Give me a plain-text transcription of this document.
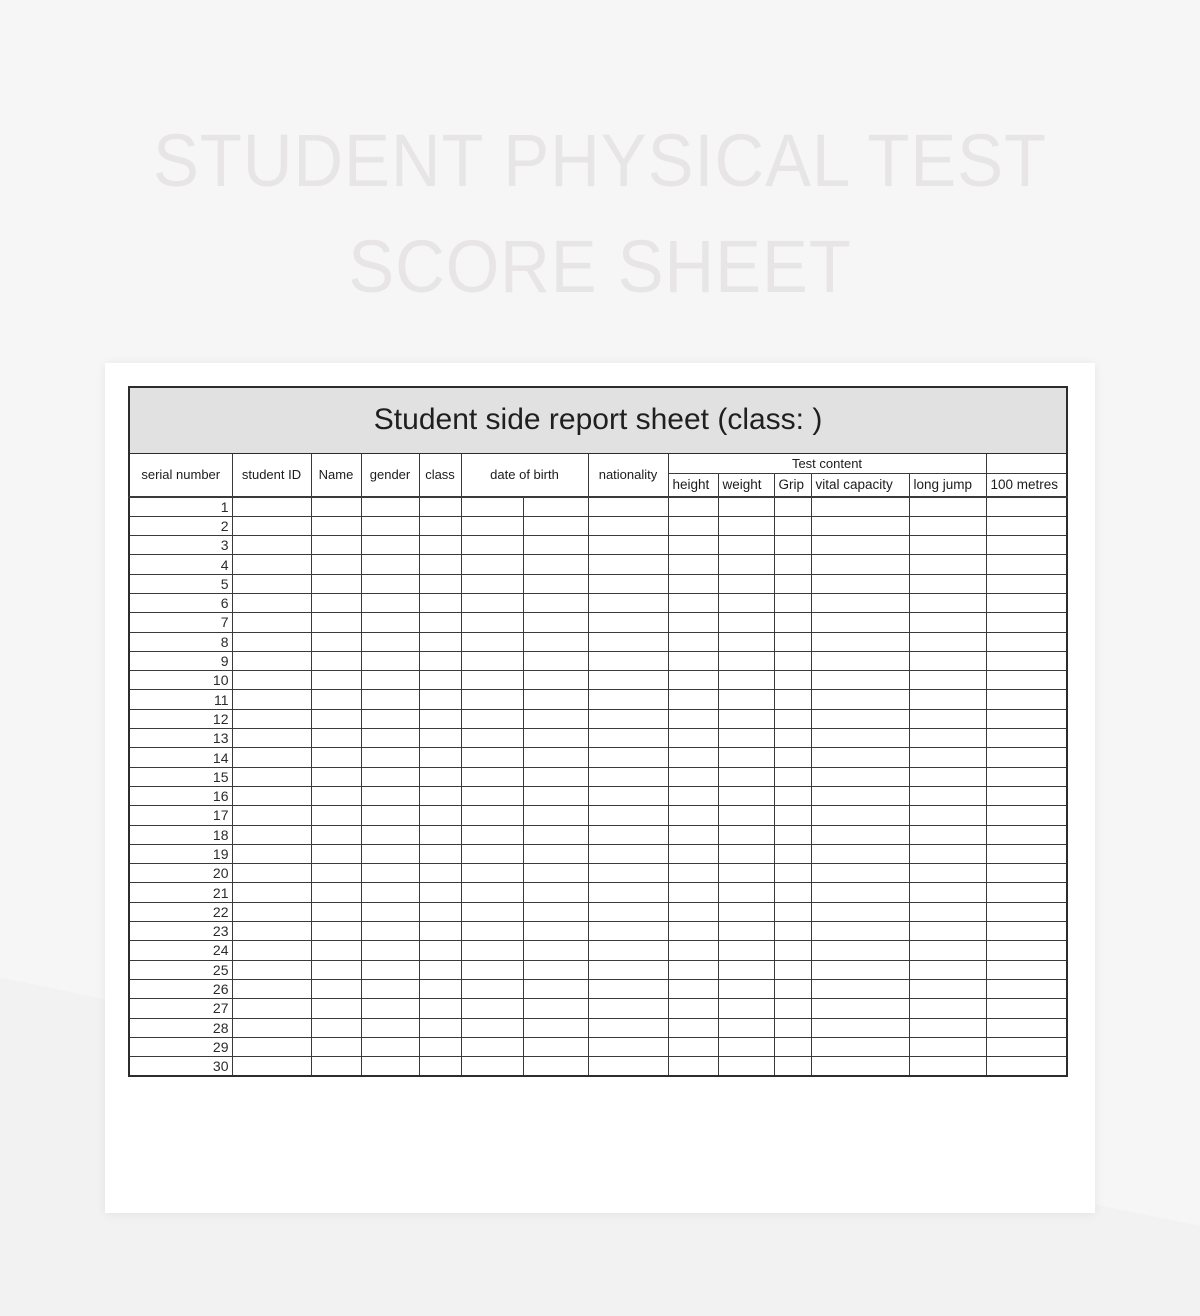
STUDENT PHYSICAL TEST
SCORE SHEET
Student side report sheet (class: )													
serial number	student ID	Name	gender	class	date of birth		nationality	Test content					
								height	weight	Grip	vital capacity	long jump	100 metres
1													
2													
3													
4													
5													
6													
7													
8													
9													
10													
11													
12													
13													
14													
15													
16													
17													
18													
19													
20													
21													
22													
23													
24													
25													
26													
27													
28													
29													
30													
